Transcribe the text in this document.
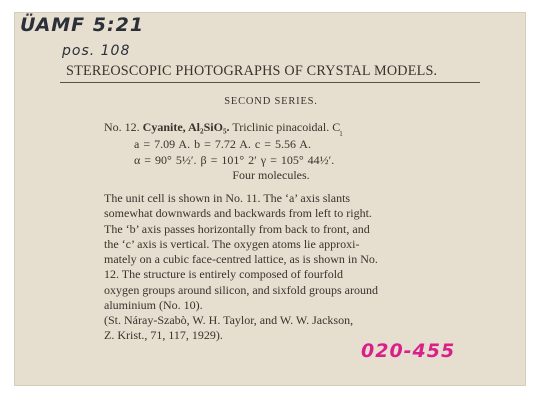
ÜAMF 5:21
pos. 108
STEREOSCOPIC PHOTOGRAPHS OF CRYSTAL MODELS.
SECOND SERIES.
No. 12. Cyanite, Al₂SiO₅. Triclinic pinacoidal. $C_1$
a = 7.09 A. b = 7.72 A. c = 5.56 A.
α = 90° 5½′. β = 101° 2′ γ = 105° 44½′.
Four molecules.
The unit cell is shown in No. 11. The ‘a’ axis slants
somewhat downwards and backwards from left to right.
The ‘b’ axis passes horizontally from back to front, and
the ‘c’ axis is vertical. The oxygen atoms lie approxi-
mately on a cubic face-centred lattice, as is shown in No.
12. The structure is entirely composed of fourfold
oxygen groups around silicon, and sixfold groups around
aluminium (No. 10).
(St. Náray-Szabò, W. H. Taylor, and W. W. Jackson,
Z. Krist., 71, 117, 1929).
020-455
